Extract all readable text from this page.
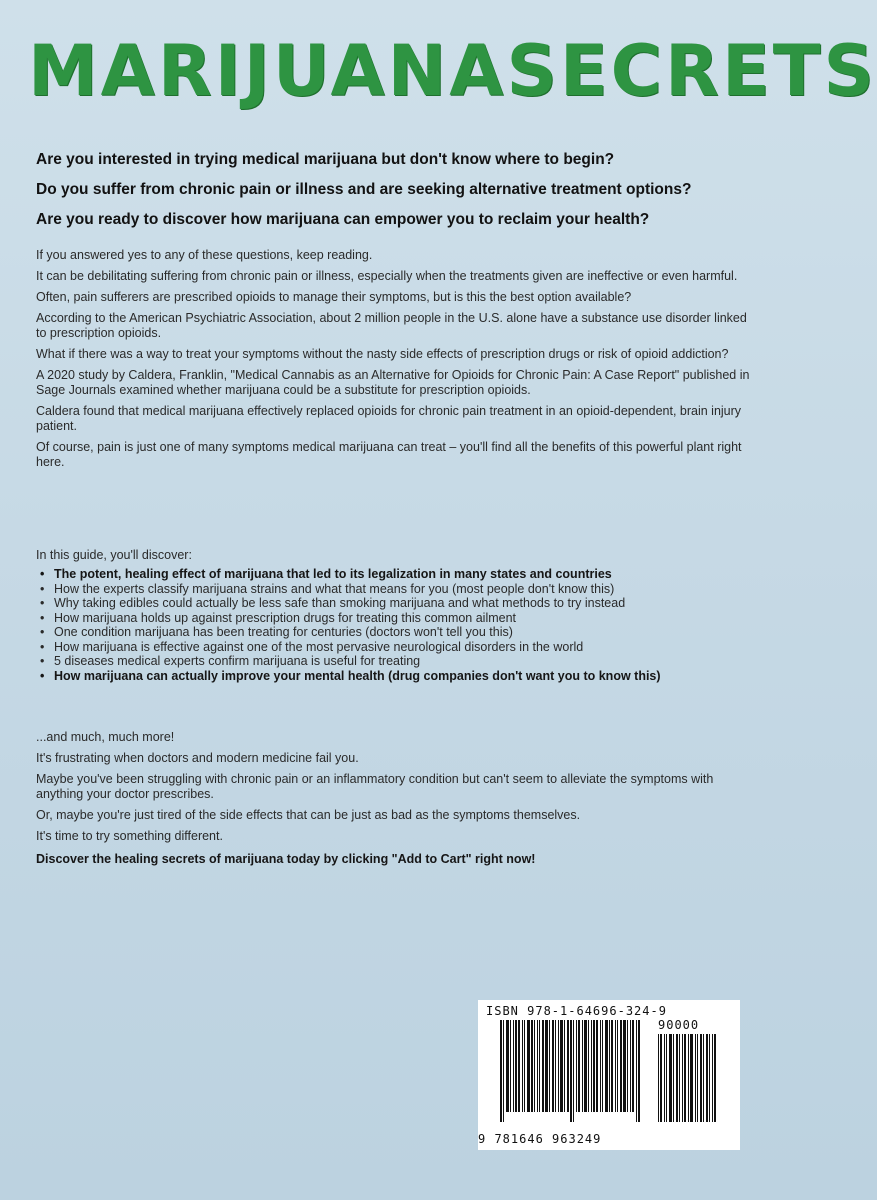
MARIJUANA SECRETS

Are you interested in trying medical marijuana but don't know where to begin?

Do you suffer from chronic pain or illness and are seeking alternative treatment options?

Are you ready to discover how marijuana can empower you to reclaim your health?

If you answered yes to any of these questions, keep reading.

It can be debilitating suffering from chronic pain or illness, especially when the treatments given are ineffective or even harmful.

Often, pain sufferers are prescribed opioids to manage their symptoms, but is this the best option available?

According to the American Psychiatric Association, about 2 million people in the U.S. alone have a substance use disorder linked to prescription opioids.

What if there was a way to treat your symptoms without the nasty side effects of prescription drugs or risk of opioid addiction?

A 2020 study by Caldera, Franklin, "Medical Cannabis as an Alternative for Opioids for Chronic Pain: A Case Report" published in Sage Journals examined whether marijuana could be a substitute for prescription opioids.

Caldera found that medical marijuana effectively replaced opioids for chronic pain treatment in an opioid-dependent, brain injury patient.

Of course, pain is just one of many symptoms medical marijuana can treat – you'll find all the benefits of this powerful plant right here.

In this guide, you'll discover:

• The potent, healing effect of marijuana that led to its legalization in many states and countries
• How the experts classify marijuana strains and what that means for you (most people don't know this)
• Why taking edibles could actually be less safe than smoking marijuana and what methods to try instead
• How marijuana holds up against prescription drugs for treating this common ailment
• One condition marijuana has been treating for centuries (doctors won't tell you this)
• How marijuana is effective against one of the most pervasive neurological disorders in the world
• 5 diseases medical experts confirm marijuana is useful for treating
• How marijuana can actually improve your mental health (drug companies don't want you to know this)

...and much, much more!

It's frustrating when doctors and modern medicine fail you.

Maybe you've been struggling with chronic pain or an inflammatory condition but can't seem to alleviate the symptoms with anything your doctor prescribes.

Or, maybe you're just tired of the side effects that can be just as bad as the symptoms themselves.

It's time to try something different.

Discover the healing secrets of marijuana today by clicking "Add to Cart" right now!

ISBN 978-1-64696-324-9
90000
9 781646 963249
